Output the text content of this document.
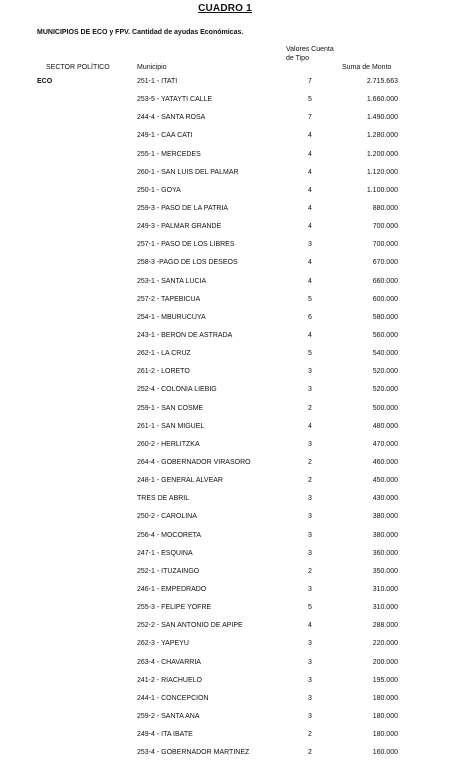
CUADRO 1
MUNICIPIOS DE ECO y FPV. Cantidad de ayudas Económicas.
SECTOR POLÍTICO	Municipio
Valores Cuenta de Tipo
Suma de Monto
ECO	251-1 - ITATI	7	2.715.663
253-5 - YATAYTI CALLE	5	1.660.000
244-4 - SANTA ROSA	7	1.490.000
249-1 - CAA CATI	4	1.280.000
255-1 - MERCEDES	4	1.200.000
260-1 - SAN LUIS DEL PALMAR	4	1.120.000
250-1 - GOYA	4	1.100.000
259-3 - PASO DE LA PATRIA	4	880.000
249-3 - PALMAR GRANDE	4	700.000
257-1 - PASO DE LOS LIBRES	3	700.000
258-3 -PAGO DE LOS DESEOS	4	670.000
253-1 - SANTA LUCIA	4	660.000
257-2 - TAPEBICUA	5	600.000
254-1 - MBURUCUYA	6	580.000
243-1 - BERON DE ASTRADA	4	560.000
262-1 - LA CRUZ	5	540.000
261-2 - LORETO	3	520.000
252-4 - COLONIA LIEBIG	3	520.000
259-1 - SAN COSME	2	500.000
261-1 - SAN MIGUEL	4	480.000
260-2 - HERLITZKA	3	470.000
264-4 - GOBERNADOR VIRASORO	2	460.000
248-1 - GENERAL ALVEAR	2	450.000
TRES DE ABRIL	3	430.000
250-2 - CAROLINA	3	380.000
256-4 - MOCORETA	3	380.000
247-1 - ESQUINA	3	360.000
252-1 - ITUZAINGO	2	350.000
246-1 - EMPEDRADO	3	310.000
255-3 - FELIPE YOFRE	5	310.000
252-2 - SAN ANTONIO DE APIPE	4	288.000
262-3 - YAPEYU	3	220.000
263-4 - CHAVARRIA	3	200.000
241-2 - RIACHUELO	3	195.000
244-1 - CONCEPCION	3	180.000
259-2 - SANTA ANA	3	180.000
249-4 - ITA IBATE	2	180.000
253-4 - GOBERNADOR MARTINEZ	2	160.000
